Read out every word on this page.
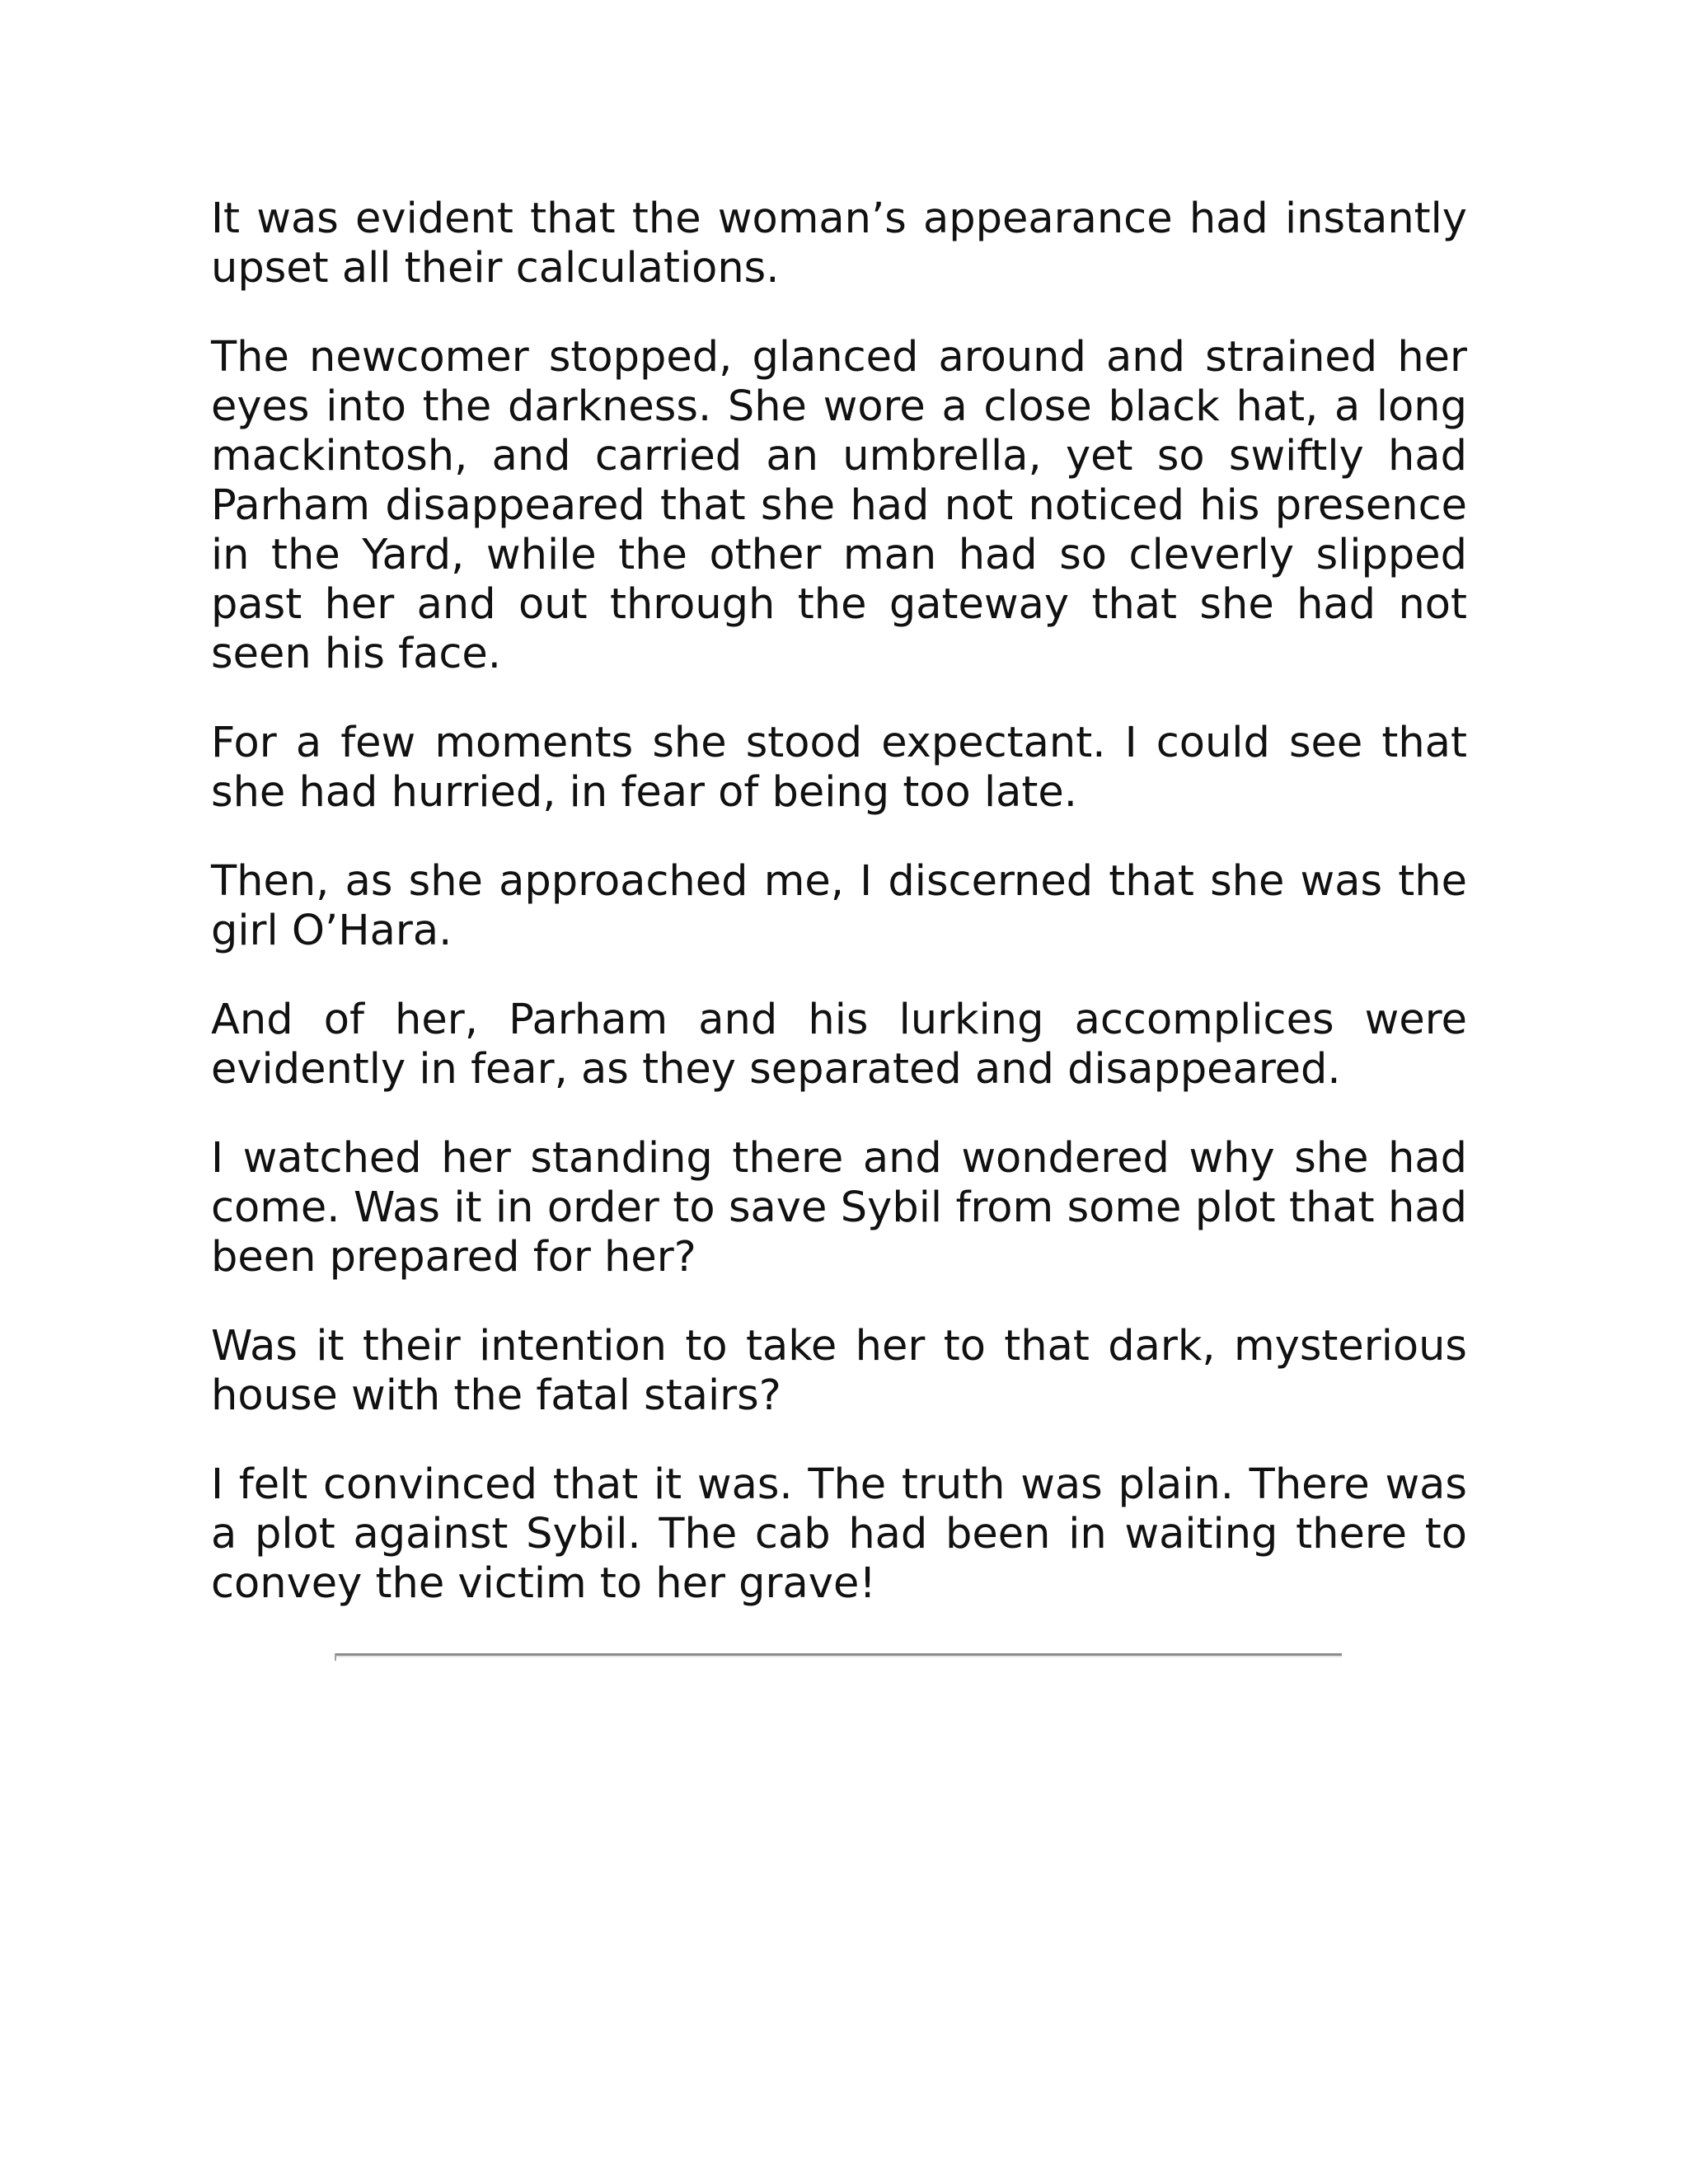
It was evident that the woman’s appearance had instantly upset all their calculations.

The newcomer stopped, glanced around and strained her eyes into the darkness. She wore a close black hat, a long mackintosh, and carried an umbrella, yet so swiftly had Parham disappeared that she had not noticed his presence in the Yard, while the other man had so cleverly slipped past her and out through the gateway that she had not seen his face.

For a few moments she stood expectant. I could see that she had hurried, in fear of being too late.

Then, as she approached me, I discerned that she was the girl O’Hara.

And of her, Parham and his lurking accomplices were evidently in fear, as they separated and disappeared.

I watched her standing there and wondered why she had come. Was it in order to save Sybil from some plot that had been prepared for her?

Was it their intention to take her to that dark, mysterious house with the fatal stairs?

I felt convinced that it was. The truth was plain. There was a plot against Sybil. The cab had been in waiting there to convey the victim to her grave!
